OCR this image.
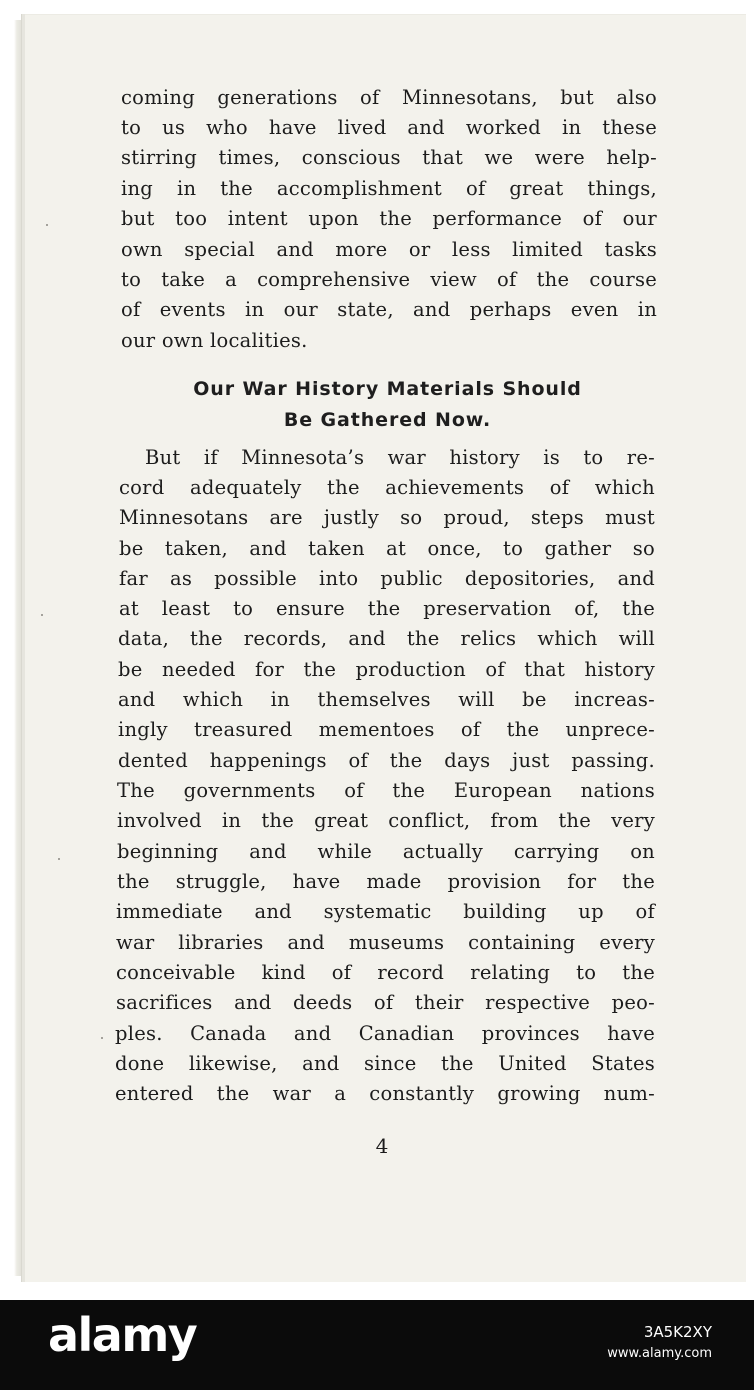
coming generations of Minnesotans, but also
to us who have lived and worked in these
stirring times, conscious that we were help-
ing in the accomplishment of great things,
but too intent upon the performance of our
own special and more or less limited tasks
to take a comprehensive view of the course
of events in our state, and perhaps even in
our own localities.
Our War History Materials Should
Be Gathered Now.
But if Minnesota’s war history is to re-
cord adequately the achievements of which
Minnesotans are justly so proud, steps must
be taken, and taken at once, to gather so
far as possible into public depositories, and
at least to ensure the preservation of, the
data, the records, and the relics which will
be needed for the production of that history
and which in themselves will be increas-
ingly treasured mementoes of the unprece-
dented happenings of the days just passing.
The governments of the European nations
involved in the great conflict, from the very
beginning and while actually carrying on
the struggle, have made provision for the
immediate and systematic building up of
war libraries and museums containing every
conceivable kind of record relating to the
sacrifices and deeds of their respective peo-
ples. Canada and Canadian provinces have
done likewise, and since the United States
entered the war a constantly growing num-
4
alamy	3A5K2XY
www.alamy.com
